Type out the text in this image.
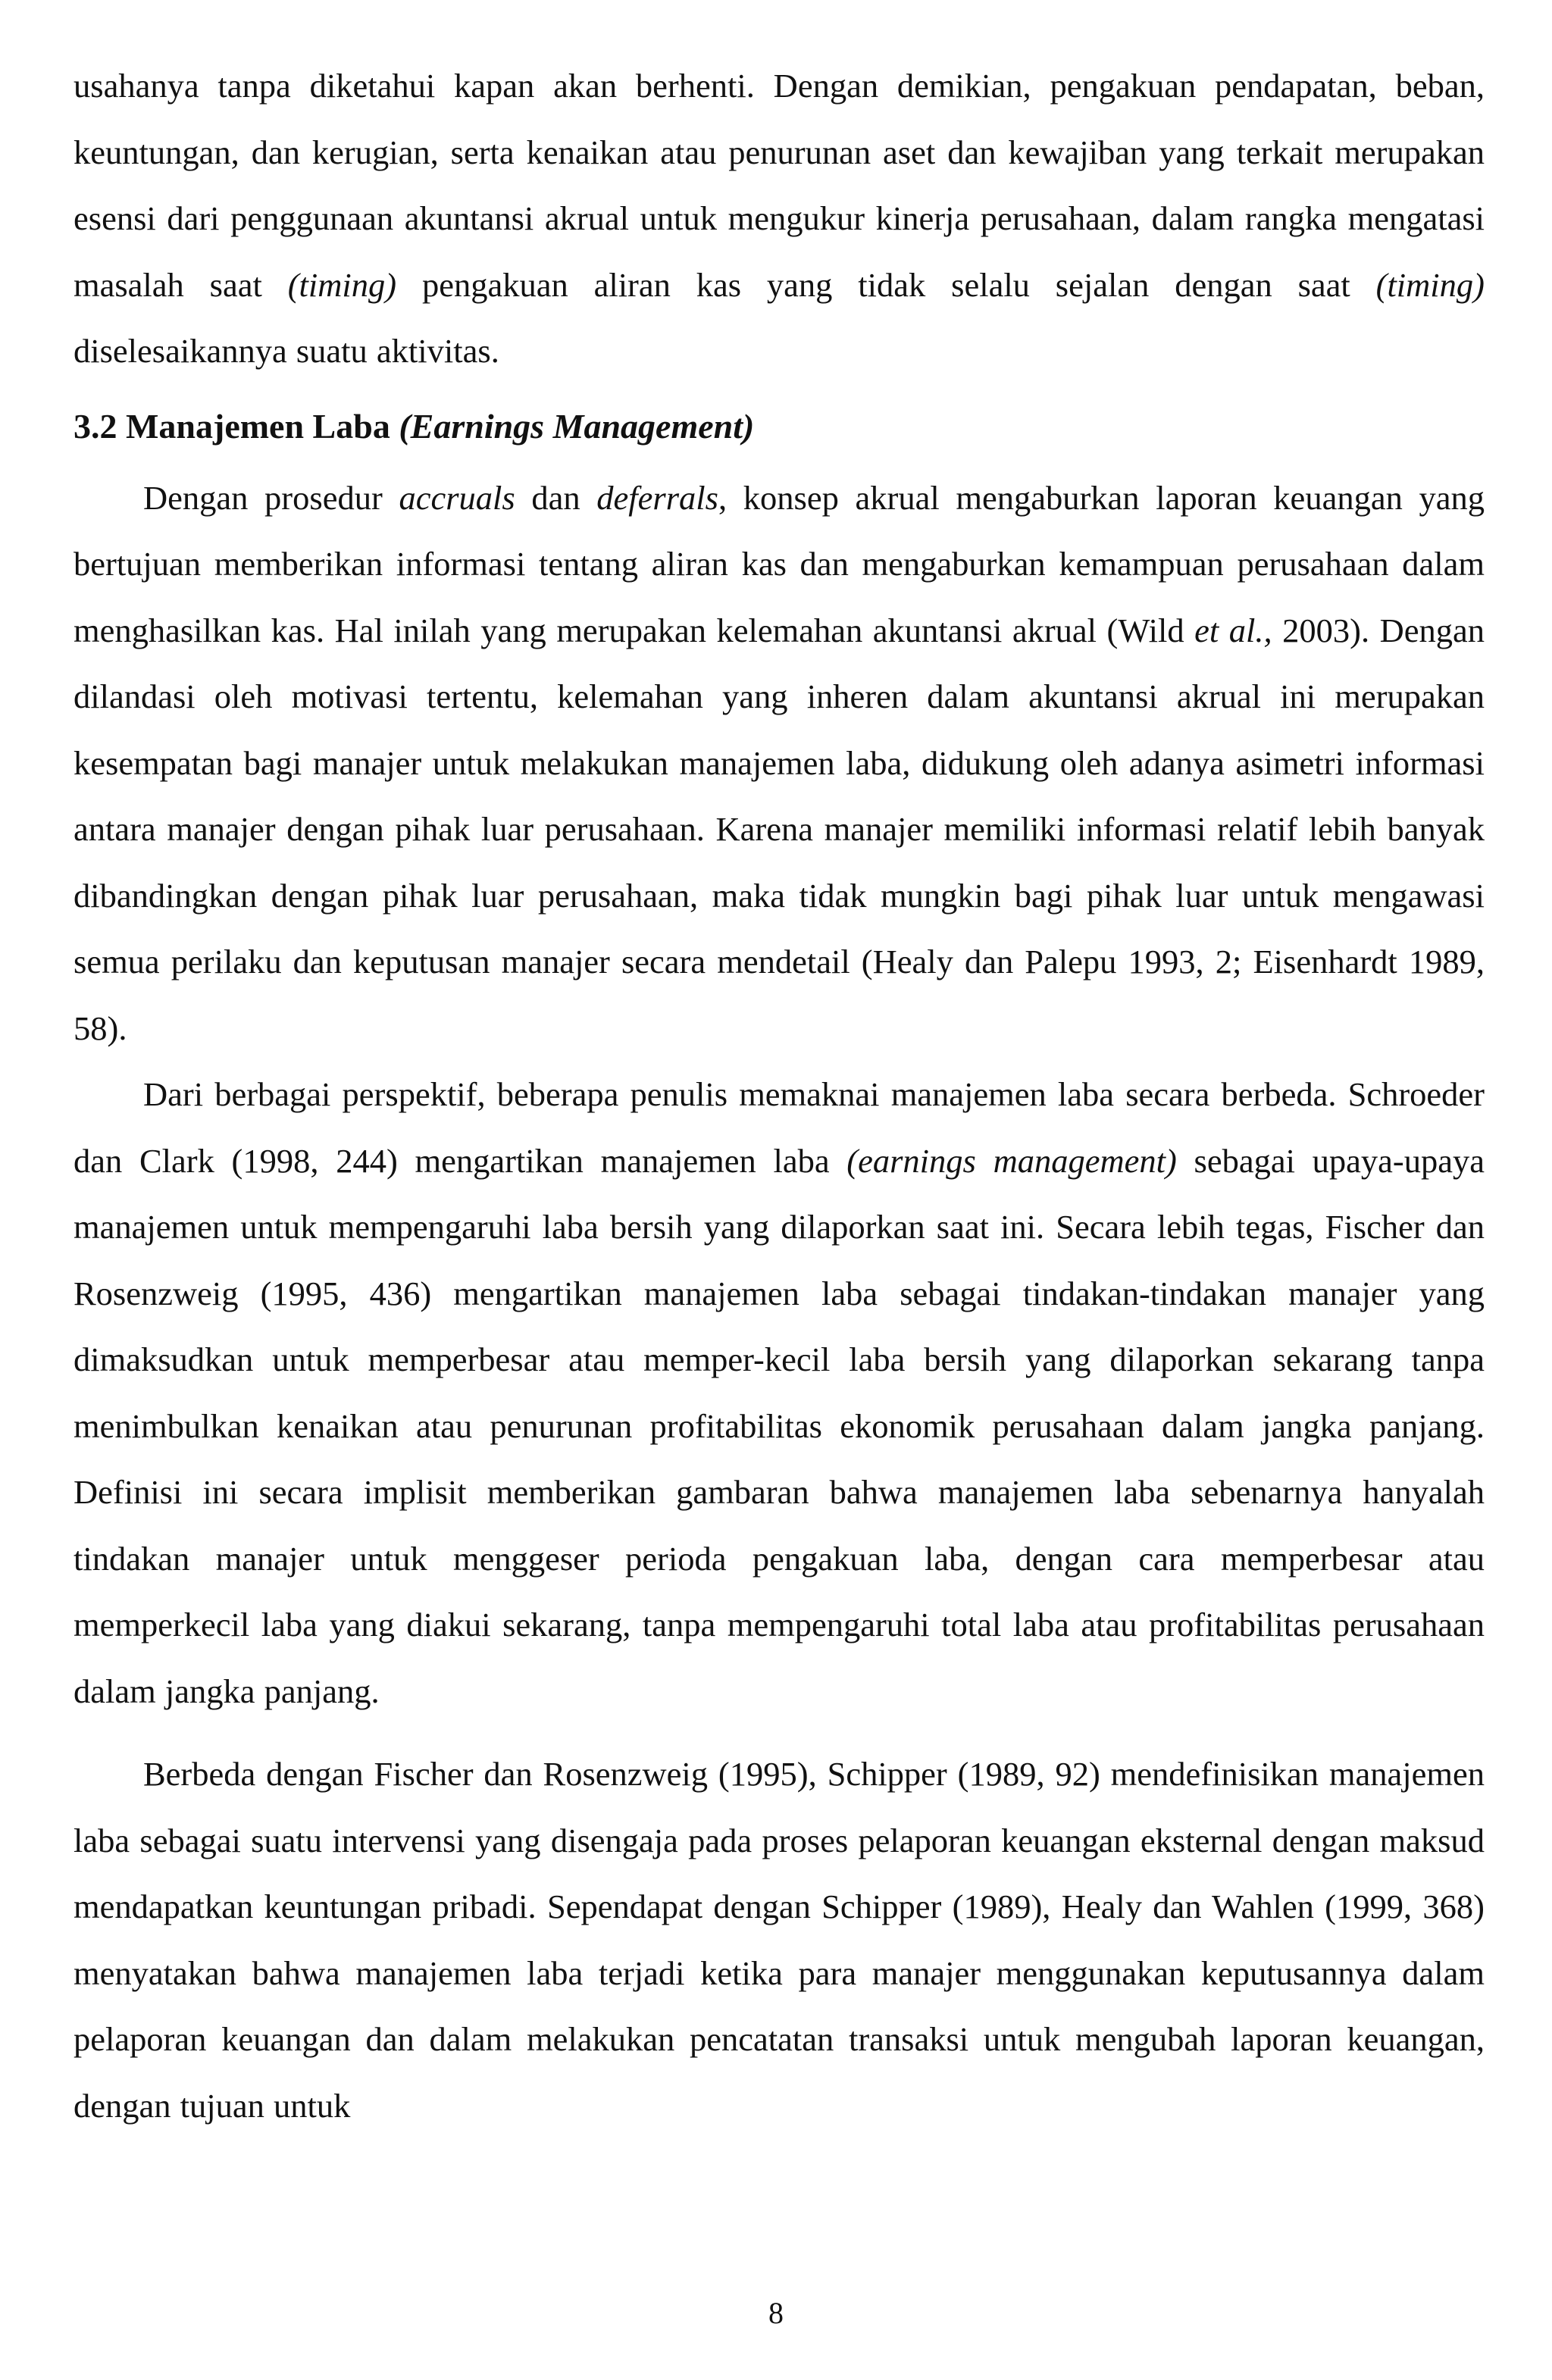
usahanya tanpa diketahui kapan akan berhenti. Dengan demikian, pengakuan pendapatan, beban, keuntungan, dan kerugian, serta kenaikan atau penurunan aset dan kewajiban yang terkait merupakan esensi dari penggunaan akuntansi akrual untuk mengukur kinerja perusahaan, dalam rangka mengatasi masalah saat (timing) pengakuan aliran kas yang tidak selalu sejalan dengan saat (timing) diselesaikannya suatu aktivitas.

3.2 Manajemen Laba (Earnings Management)

Dengan prosedur accruals dan deferrals, konsep akrual mengaburkan laporan keuangan yang bertujuan memberikan informasi tentang aliran kas dan mengaburkan kemampuan perusahaan dalam menghasilkan kas. Hal inilah yang merupakan kelemahan akuntansi akrual (Wild et al., 2003). Dengan dilandasi oleh motivasi tertentu, kelemahan yang inheren dalam akuntansi akrual ini merupakan kesempatan bagi manajer untuk melakukan manajemen laba, didukung oleh adanya asimetri informasi antara manajer dengan pihak luar perusahaan. Karena manajer memiliki informasi relatif lebih banyak dibandingkan dengan pihak luar perusahaan, maka tidak mungkin bagi pihak luar untuk mengawasi semua perilaku dan keputusan manajer secara mendetail (Healy dan Palepu 1993, 2; Eisenhardt 1989, 58).

Dari berbagai perspektif, beberapa penulis memaknai manajemen laba secara berbeda. Schroeder dan Clark (1998, 244) mengartikan manajemen laba (earnings management) sebagai upaya-upaya manajemen untuk mempengaruhi laba bersih yang dilaporkan saat ini. Secara lebih tegas, Fischer dan Rosenzweig (1995, 436) mengartikan manajemen laba sebagai tindakan-tindakan manajer yang dimaksudkan untuk memperbesar atau memper-kecil laba bersih yang dilaporkan sekarang tanpa menimbulkan kenaikan atau penurunan profitabilitas ekonomik perusahaan dalam jangka panjang. Definisi ini secara implisit memberikan gambaran bahwa manajemen laba sebenarnya hanyalah tindakan manajer untuk menggeser perioda pengakuan laba, dengan cara memperbesar atau memperkecil laba yang diakui sekarang, tanpa mempengaruhi total laba atau profitabilitas perusahaan dalam jangka panjang.

Berbeda dengan Fischer dan Rosenzweig (1995), Schipper (1989, 92) mendefinisikan manajemen laba sebagai suatu intervensi yang disengaja pada proses pelaporan keuangan eksternal dengan maksud mendapatkan keuntungan pribadi. Sependapat dengan Schipper (1989), Healy dan Wahlen (1999, 368) menyatakan bahwa manajemen laba terjadi ketika para manajer menggunakan keputusannya dalam pelaporan keuangan dan dalam melakukan pencatatan transaksi untuk mengubah laporan keuangan, dengan tujuan untuk

8
